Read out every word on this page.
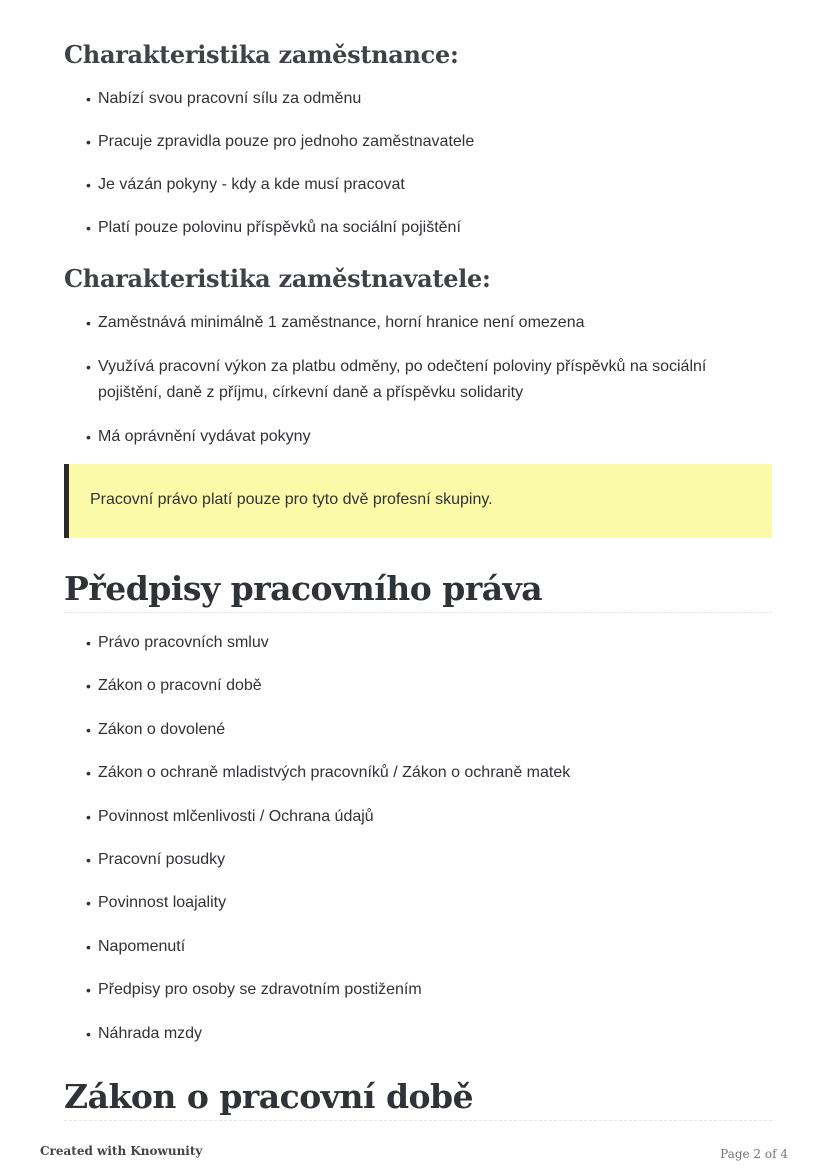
Charakteristika zaměstnance:
• Nabízí svou pracovní sílu za odměnu
• Pracuje zpravidla pouze pro jednoho zaměstnavatele
• Je vázán pokyny - kdy a kde musí pracovat
• Platí pouze polovinu příspěvků na sociální pojištění
Charakteristika zaměstnavatele:
• Zaměstnává minimálně 1 zaměstnance, horní hranice není omezena
• Využívá pracovní výkon za platbu odměny, po odečtení poloviny příspěvků na sociální pojištění, daně z příjmu, církevní daně a příspěvku solidarity
• Má oprávnění vydávat pokyny
Pracovní právo platí pouze pro tyto dvě profesní skupiny.
Předpisy pracovního práva
• Právo pracovních smluv
• Zákon o pracovní době
• Zákon o dovolené
• Zákon o ochraně mladistvých pracovníků / Zákon o ochraně matek
• Povinnost mlčenlivosti / Ochrana údajů
• Pracovní posudky
• Povinnost loajality
• Napomenutí
• Předpisy pro osoby se zdravotním postižením
• Náhrada mzdy
Zákon o pracovní době
Created with Knowunity	Page 2 of 4
